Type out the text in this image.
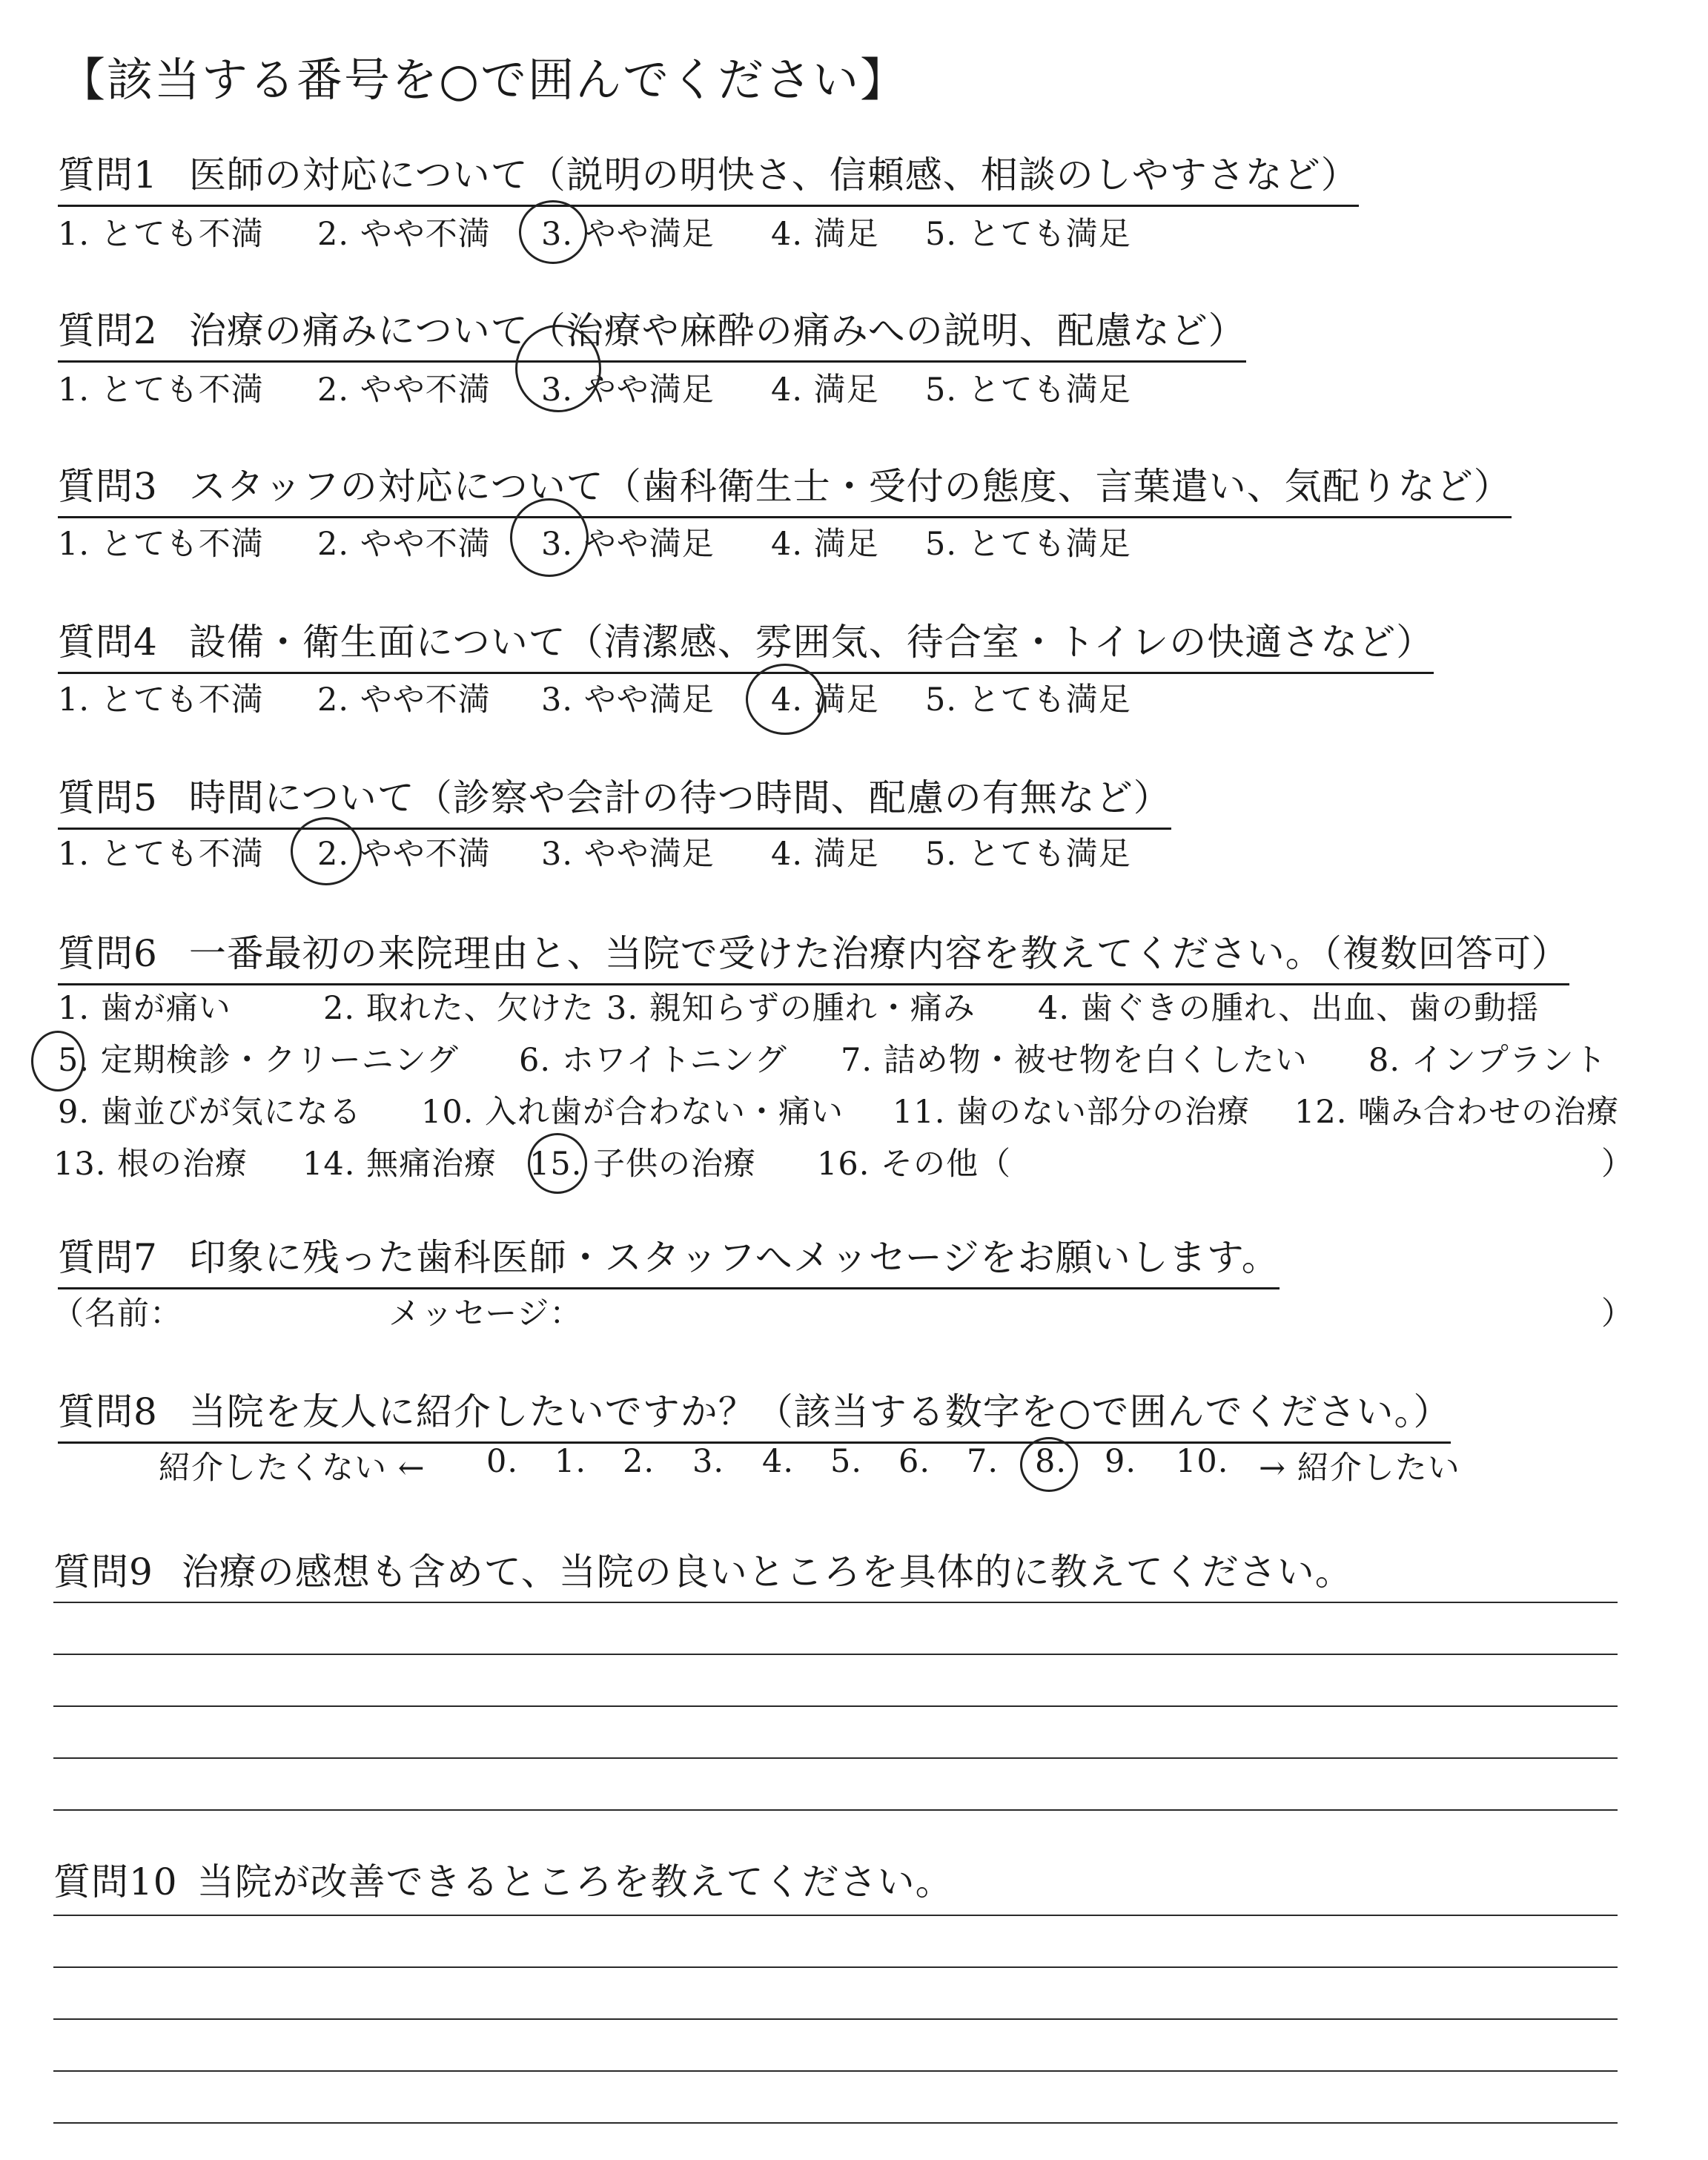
【該当する番号を○で囲んでください】
質問1 医師の対応について（説明の明快さ、信頼感、相談のしやすさなど）
1. とても不満 2. やや不満 3. やや満足 4. 満足 5. とても満足
質問2 治療の痛みについて（治療や麻酔の痛みへの説明、配慮など）
1. とても不満 2. やや不満 3. やや満足 4. 満足 5. とても満足
質問3 スタッフの対応について（歯科衛生士・受付の態度、言葉遣い、気配りなど）
1. とても不満 2. やや不満 3. やや満足 4. 満足 5. とても満足
質問4 設備・衛生面について（清潔感、雰囲気、待合室・トイレの快適さなど）
1. とても不満 2. やや不満 3. やや満足 4. 満足 5. とても満足
質問5 時間について（診察や会計の待つ時間、配慮の有無など）
1. とても不満 2. やや不満 3. やや満足 4. 満足 5. とても満足
質問6 一番最初の来院理由と、当院で受けた治療内容を教えてください。（複数回答可）
1. 歯が痛い	2. 取れた、欠けた 3. 親知らずの腫れ・痛み 4. 歯ぐきの腫れ、出血、歯の動揺
5. 定期検診・クリーニング 6. ホワイトニング 7. 詰め物・被せ物を白くしたい 8. インプラント
9. 歯並びが気になる 10. 入れ歯が合わない・痛い 11. 歯のない部分の治療 12. 噛み合わせの治療
13. 根の治療 14. 無痛治療 15. 子供の治療 16. その他（	）
質問7 印象に残った歯科医師・スタッフへメッセージをお願いします。
（名前：	メッセージ：	）
質問8 当院を友人に紹介したいですか？（該当する数字を○で囲んでください。）
紹介したくない ← 0. 1. 2. 3. 4. 5. 6. 7. 8. 9. 10. → 紹介したい
質問9 治療の感想も含めて、当院の良いところを具体的に教えてください。
質問10 当院が改善できるところを教えてください。
